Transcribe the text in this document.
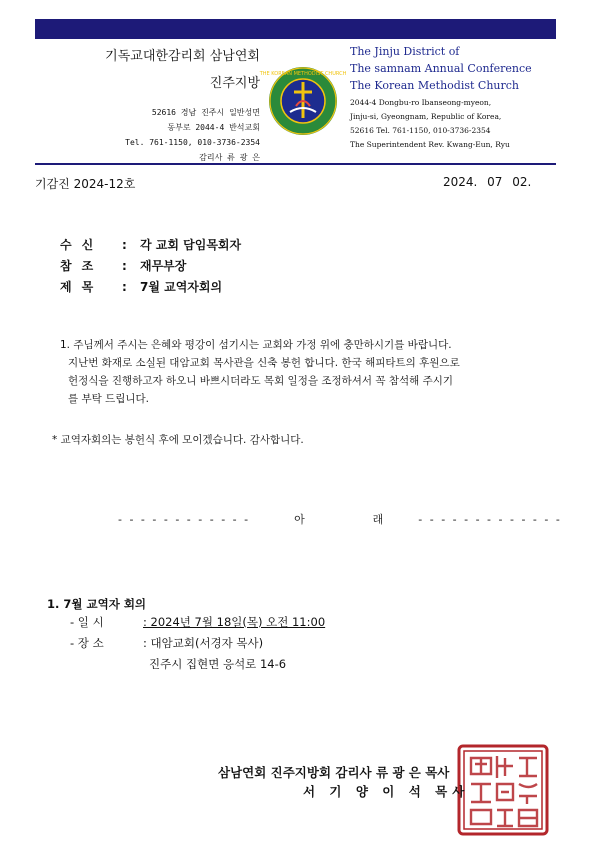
기독교대한감리회 삼남연회
진주지방
52616 경남 진주시 일반성면
동부로 2044-4 반석교회
Tel. 761-1150, 010-3736-2354
감리사 류 광 은
THE KOREAN METHODIST CHURCH
The Jinju District of
The samnam Annual Conference
The Korean Methodist Church
2044-4 Dongbu-ro Ibanseong-myeon,
Jinju-si, Gyeongnam, Republic of Korea,
52616 Tel. 761-1150, 010-3736-2354
The Superintendent Rev. Kwang-Eun, Ryu
기감진 2024-12호	2024. 07 02.
수신 : 각 교회 담임목회자
참조 : 재무부장
제목 : 7월 교역자회의
1. 주님께서 주시는 은혜와 평강이 섬기시는 교회와 가정 위에 충만하시기를 바랍니다.
지난번 화재로 소실된 대암교회 목사관을 신축 봉헌 합니다. 한국 해피타트의 후원으로
헌정식을 진행하고자 하오니 바쁘시더라도 목회 일정을 조정하셔서 꼭 참석해 주시기
를 부탁 드립니다.
* 교역자회의는 봉헌식 후에 모이겠습니다. 감사합니다.
- - - - - - - - - - - -        아            래      - - - - - - - - - - - - -
1. 7월 교역자 회의
- 일 시	: 2024년 7월 18일(목) 오전 11:00
- 장 소	: 대암교회(서경자 목사)
진주시 집현면 응석로 14-6
삼남연회 진주지방회 감리사 류 광 은 목사
서 기 양 이 석 목사
